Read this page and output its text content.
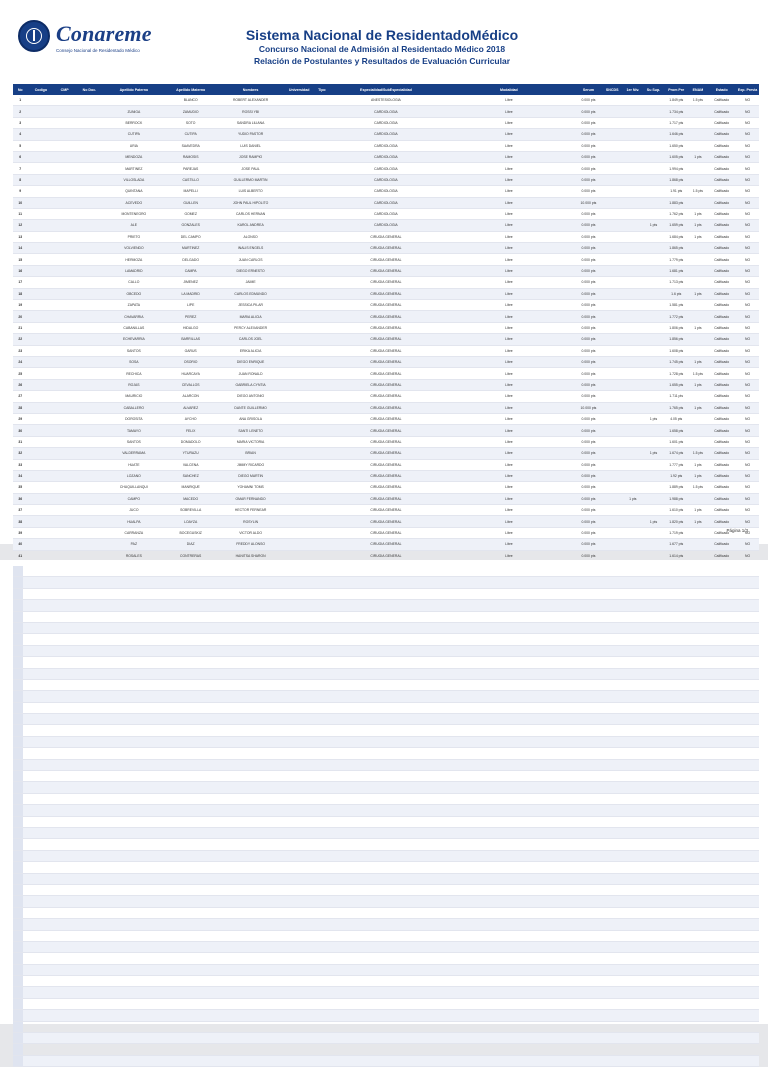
Conareme
Consejo Nacional de Residentado Médico
Sistema Nacional de ResidentadoMédico
Concurso Nacional de Admisión al Residentado Médico 2018
Relación de Postulantes y Resultados de Evaluación Curricular
No	Codigo	CMP	No Doc.	Apellido Paterno	Apellido Materno	Nombres	Universidad	Tipo	Especialidad/SubEspecialidad	Modalidad	Serum	SNCDS	1er Niv.	Su Sup.	Prom Pre	ENAM	Estado	Exp. Previa
1					BLANCO	ROBERT ALEXANDER			ANESTESIOLOGIA	Libre	0.000 pts				1.849 pts	1.5 pts	Calificado	NO
2				ZUNIGA	ZAMUDIO	ROSSI YBI			CARDIOLOGIA	Libre	0.000 pts				1.734 pts		Calificado	NO
3				BERROCK	SOTO	SANDRA LILIANA			CARDIOLOGIA	Libre	0.000 pts				1.717 pts		Calificado	NO
4				CUTIPA	CUTIPA	YUDIO PASTOR			CARDIOLOGIA	Libre	0.000 pts				1.646 pts		Calificado	NO
5				URIA	SAAVEDRA	LUIS DANIEL			CARDIOLOGIA	Libre	0.000 pts				1.650 pts		Calificado	NO
6				MENDOZA	RAMOSIS	JOSE RAMPIO			CARDIOLOGIA	Libre	0.000 pts				1.605 pts	1 pts	Calificado	NO
7				MARTINEZ	PAREJAS	JOSE PAUL			CARDIOLOGIA	Libre	0.000 pts				1.994 pts		Calificado	NO
8				VILLOSLADA	CASTILLO	GUILLERMO MARTIN			CARDIOLOGIA	Libre	0.000 pts				1.868 pts		Calificado	NO
9				QUINTANA	MAPELLI	LUIS ALBERTO			CARDIOLOGIA	Libre	0.000 pts				1.91 pts	1.5 pts	Calificado	NO
10				ACEVEDO	GUILLEN	JOHN PAUL HIPOLITO			CARDIOLOGIA	Libre	10.000 pts				1.883 pts		Calificado	NO
11				MONTENEGRO	GOMEZ	CARLOS HERNAN			CARDIOLOGIA	Libre	0.000 pts				1.762 pts	1 pts	Calificado	NO
12				ALE	GONZALES	KAROL ANDREA			CARDIOLOGIA	Libre	0.000 pts			1 pts	1.659 pts	1 pts	Calificado	NO
13				PRIETO	DEL CAMPO	ALONSO			CIRUGIA GENERAL	Libre	0.000 pts				1.684 pts	1 pts	Calificado	NO
14				VOLVIENDO	MARTINEZ	INALIS ENGELS			CIRUGIA GENERAL	Libre	0.000 pts				1.865 pts		Calificado	NO
15				HERMOZA	DELGADO	JUAN CARLOS			CIRUGIA GENERAL	Libre	0.000 pts				1.779 pts		Calificado	NO
16				LAMADRID	CAMPA	DIEGO ERNESTO			CIRUGIA GENERAL	Libre	0.000 pts				1.681 pts		Calificado	NO
17				CALLO	JIMENEZ	JAIME			CIRUGIA GENERAL	Libre	0.000 pts				1.713 pts		Calificado	NO
18				OBCEDO	LA MADRID	CARLOS EDMUNDO			CIRUGIA GENERAL	Libre	0.000 pts				1.6 pts	1 pts	Calificado	NO
19				ZAPATA	LIPE	JESSICA PILAR			CIRUGIA GENERAL	Libre	0.000 pts				1.581 pts		Calificado	NO
20				CHAVARRIA	PEREZ	MARIA ALICIA			CIRUGIA GENERAL	Libre	0.000 pts				1.772 pts		Calificado	NO
21				CABANILLAS	HIDALGO	PERCY ALEXANDER			CIRUGIA GENERAL	Libre	0.000 pts				1.806 pts	1 pts	Calificado	NO
22				ECHEVARRIA	BARRILLAS	CARLOS JOEL			CIRUGIA GENERAL	Libre	0.000 pts				1.856 pts		Calificado	NO
23				SANTOS	GARUS	ERIKA ALICIA			CIRUGIA GENERAL	Libre	0.000 pts				1.608 pts		Calificado	NO
24				SOSA	OSORIO	DIEGO ENRIQUE			CIRUGIA GENERAL	Libre	0.000 pts				1.745 pts	1 pts	Calificado	NO
25				RECHICA	HUARCAYA	JUAN RONALD			CIRUGIA GENERAL	Libre	0.000 pts				1.728 pts	1.5 pts	Calificado	NO
26				ROJAS	CEVALLOS	GABRIELA CYNTIA			CIRUGIA GENERAL	Libre	0.000 pts				1.655 pts	1 pts	Calificado	NO
27				MAURICIO	ALARCON	DIEGO ANTONIO			CIRUGIA GENERAL	Libre	0.000 pts				1.711 pts		Calificado	NO
28				CABALLERO	ALVAREZ	DANTE GUILLERMO			CIRUGIA GENERAL	Libre	10.000 pts				1.765 pts	1 pts	Calificado	NO
29				DOROSITA	AYCHO	ANA GRISOLA			CIRUGIA GENERAL	Libre	0.000 pts			1 pts	4.05 pts		Calificado	NO
30				TAMAYO	FELIX	SANTI LENETO			CIRUGIA GENERAL	Libre	0.000 pts				1.658 pts		Calificado	NO
31				SANTOS	DOMADOLO	MARIA VICTORIA			CIRUGIA GENERAL	Libre	0.000 pts				1.601 pts		Calificado	NO
32				VALDERRAMA	YTURAZU	BRIAN			CIRUGIA GENERAL	Libre	0.000 pts			1 pts	1.674 pts	1.5 pts	Calificado	NO
33				HUATE	VALCENA	JIMMY RICARDO			CIRUGIA GENERAL	Libre	0.000 pts				1.777 pts	1 pts	Calificado	NO
34				LOZANO	SANCHEZ	DIEGO MARTIN			CIRUGIA GENERAL	Libre	0.000 pts				1.92 pts	1 pts	Calificado	NO
35				CHUQUILLANQUI	MANRIQUE	YOHAMNI TOMS			CIRUGIA GENERAL	Libre	0.000 pts				1.889 pts	1.5 pts	Calificado	NO
36				CAMPO	MACEDO	OMAR FERNANDO			CIRUGIA GENERAL	Libre	0.000 pts		1 pts		1.988 pts		Calificado	NO
37				JUCO	SOBREVILLA	HECTOR FERNEAR			CIRUGIA GENERAL	Libre	0.000 pts				1.610 pts	1 pts	Calificado	NO
38				HUALPA	LOAYZA	ROSYLIN			CIRUGIA GENERAL	Libre	0.000 pts			1 pts	1.820 pts	1 pts	Calificado	NO
39				CARRANZA	BOCEGUSKIZ	VICTOR ALDO			CIRUGIA GENERAL	Libre	0.000 pts				1.719 pts		Calificado	NO
40				PAZ	DIAZ	FREDDY ALONSO			CIRUGIA GENERAL	Libre	0.000 pts				1.677 pts		Calificado	NO
41				ROSALES	CONTRERAS	HANITSA SHARON			CIRUGIA GENERAL	Libre	0.000 pts				1.614 pts		Calificado	NO
Página 1/3
